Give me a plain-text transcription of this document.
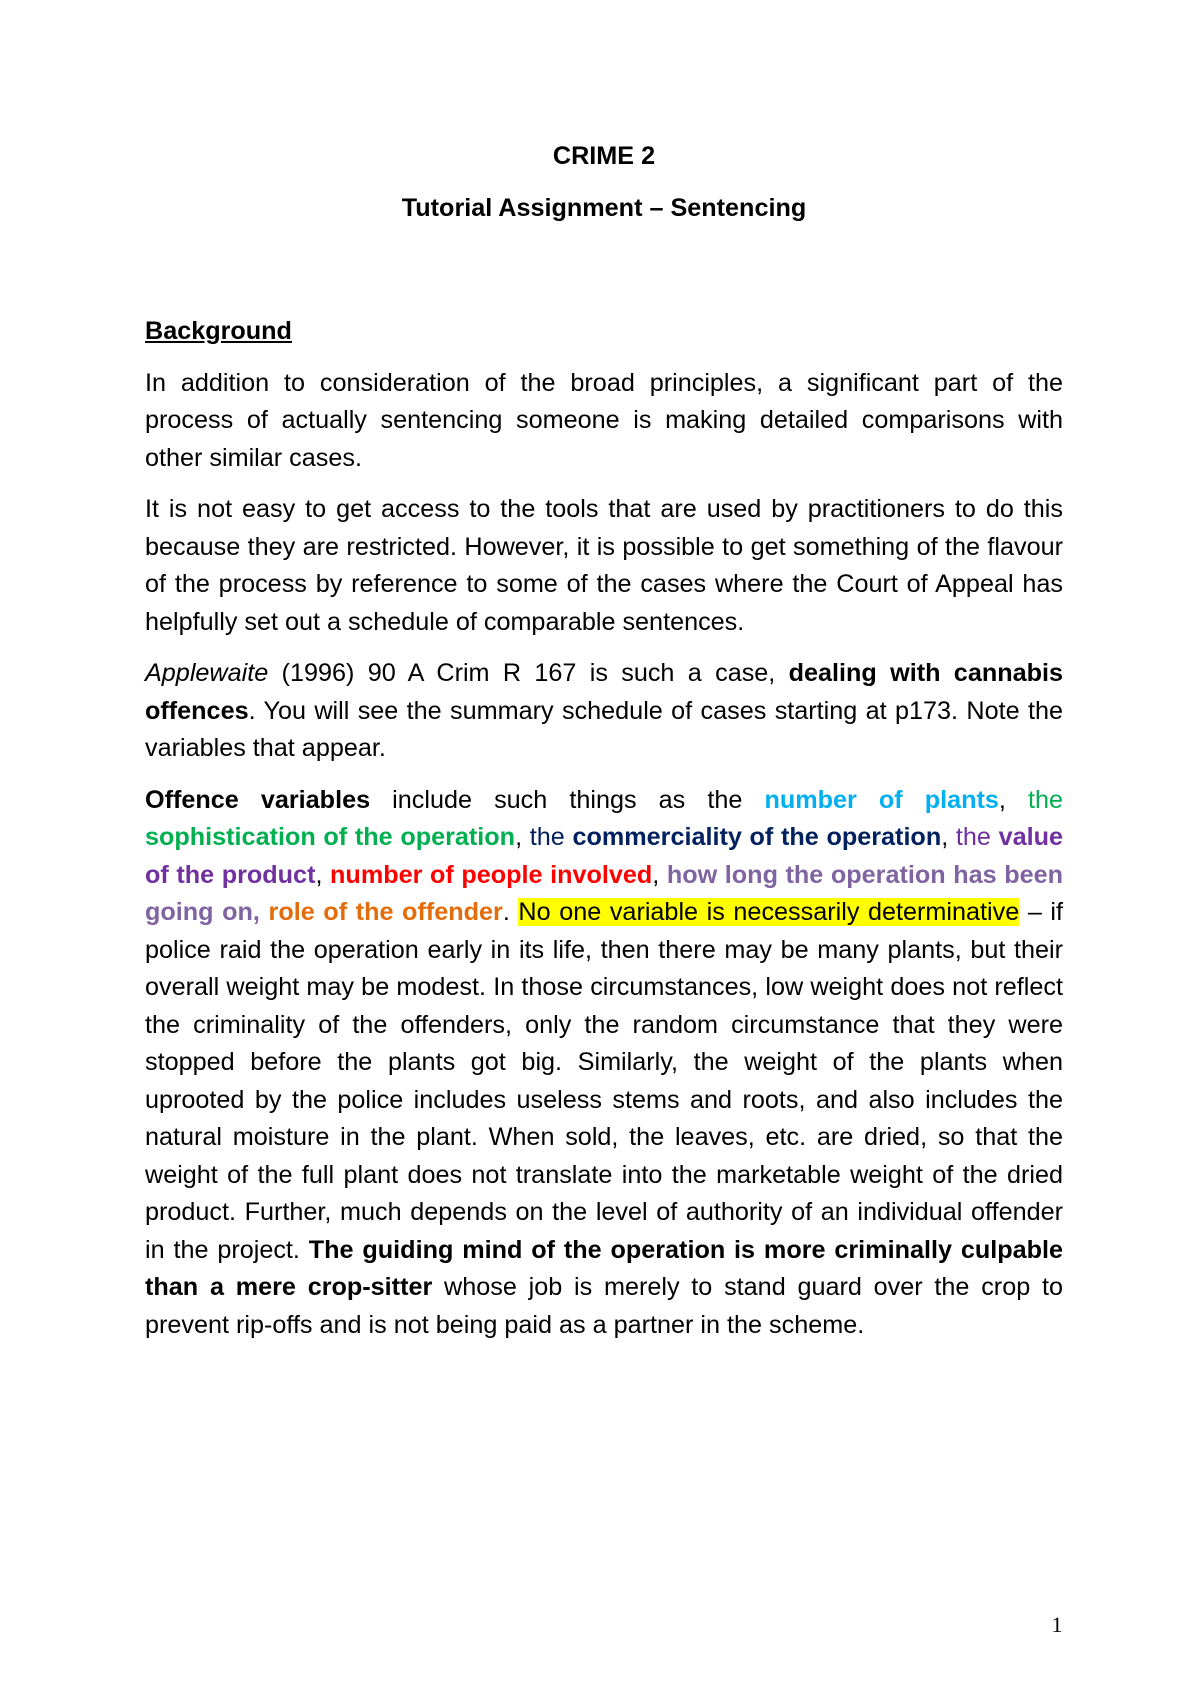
CRIME 2

Tutorial Assignment – Sentencing

Background

In addition to consideration of the broad principles, a significant part of the process of actually sentencing someone is making detailed comparisons with other similar cases.

It is not easy to get access to the tools that are used by practitioners to do this because they are restricted. However, it is possible to get something of the flavour of the process by reference to some of the cases where the Court of Appeal has helpfully set out a schedule of comparable sentences.

Applewaite (1996) 90 A Crim R 167 is such a case, dealing with cannabis offences. You will see the summary schedule of cases starting at p173. Note the variables that appear.

Offence variables include such things as the number of plants, the sophistication of the operation, the commerciality of the operation, the value of the product, number of people involved, how long the operation has been going on, role of the offender. No one variable is necessarily determinative – if police raid the operation early in its life, then there may be many plants, but their overall weight may be modest. In those circumstances, low weight does not reflect the criminality of the offenders, only the random circumstance that they were stopped before the plants got big. Similarly, the weight of the plants when uprooted by the police includes useless stems and roots, and also includes the natural moisture in the plant. When sold, the leaves, etc. are dried, so that the weight of the full plant does not translate into the marketable weight of the dried product. Further, much depends on the level of authority of an individual offender in the project. The guiding mind of the operation is more criminally culpable than a mere crop-sitter whose job is merely to stand guard over the crop to prevent rip-offs and is not being paid as a partner in the scheme.

1
